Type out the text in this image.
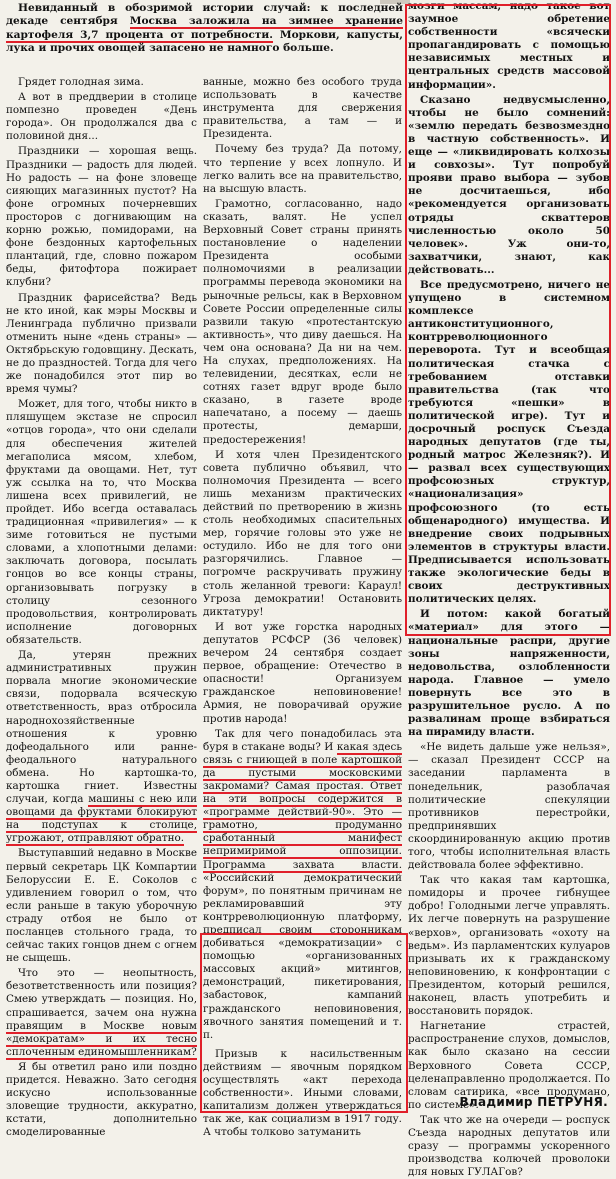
Невиданный в обозримой истории случай: к последней декаде сентября Москва заложила на зимнее хранение картофеля 3,7 процента от потребности. Моркови, капусты, лука и прочих овощей запасено не намного больше.

Грядет голодная зима.

А вот в преддверии в столице помпезно проведен «День города». Он продолжался два с половиной дня...

Праздники — хорошая вещь. Праздники — радость для людей. Но радость — на фоне зловеще сияющих магазинных пустот? На фоне огромных почерневших просторов с догнивающим на корню рожью, помидорами, на фоне бездонных картофельных плантаций, где, словно пожаром беды, фитофтора пожирает клубни?

Праздник фарисейства? Ведь не кто иной, как мэры Москвы и Ленинграда публично призвали отменить ныне «день страны» — Октябрьскую годовщину. Дескать, не до праздностей. Тогда для чего же понадобился этот пир во время чумы?

Может, для того, чтобы никто в пляшущем экстазе не спросил «отцов города», что они сделали для обеспечения жителей мегаполиса мясом, хлебом, фруктами да овощами. Нет, тут уж ссылка на то, что Москва лишена всех привилегий, не пройдет. Ибо всегда оставалась традиционная «привилегия» — к зиме готовиться не пустыми словами, а хлопотными делами: заключать договора, посылать гонцов во все концы страны, организовывать погрузку в столицу сезонного продовольствия, контролировать исполнение договорных обязательств.

Да, утерян прежних административных пружин порвала многие экономические связи, подорвала всяческую ответственность, враз отбросила народнохозяйственные отношения к уровню дофеодального или ранне-феодального натурального обмена. Но картошка-то, картошка гниет. Известны случаи, когда машины с нею или овощами да фруктами блокируют на подступах к столице, угрожают, отправляют обратно.

Выступавший недавно в Москве первый секретарь ЦК Компартии Белоруссии Е. Е. Соколов с удивлением говорил о том, что если раньше в такую уборочную страду отбоя не было от посланцев стольного града, то сейчас таких гонцов днем с огнем не сыщешь.

Что это — неопытность, безответственность или позиция? Смею утверждать — позиция. Но, спрашивается, зачем она нужна правящим в Москве новым «демократам» и их тесно сплоченным единомышленникам?

Я бы ответил рано или поздно придется. Неважно. Зато сегодня искусно использованные зловещие трудности, аккуратно, кстати, дополнительно смоделированные

ванные, можно без особого труда использовать в качестве инструмента для свержения правительства, а там — и Президента.

Почему без труда? Да потому, что терпение у всех лопнуло. И легко валить все на правительство, на высшую власть.

Грамотно, согласованно, надо сказать, валят. Не успел Верховный Совет страны принять постановление о наделении Президента особыми полномочиями в реализации программы перевода экономики на рыночные рельсы, как в Верховном Совете России определенные силы развили такую «протестантскую активность», что диву даешься. На чем она основана? Да ни на чем. На слухах, предположениях. На телевидении, десятках, если не сотнях газет вдруг вроде было сказано, в газете вроде напечатано, а посему — даешь протесты, демарши, предостережения!

И хотя член Президентского совета публично объявил, что полномочия Президента — всего лишь механизм практических действий по претворению в жизнь столь необходимых спасительных мер, горячие головы это уже не остудило. Ибо не для того они разгорячились. Главное — погромче раскручивать пружину столь желанной тревоги: Караул! Угроза демократии! Остановить диктатуру!

И вот уже горстка народных депутатов РСФСР (36 человек) вечером 24 сентября создает первое, обращение: Отечество в опасности! Организуем гражданское неповиновение! Армия, не поворачивай оружие против народа!

Так для чего понадобилась эта буря в стакане воды? И какая здесь связь с гниющей в поле картошкой да пустыми московскими закромами? Самая простая. Ответ на эти вопросы содержится в «программе действий-90». Это — грамотно, продуманно сработанный манифест непримиримой оппозиции. Программа захвата власти. «Российский демократический форум», по понятным причинам не рекламировавший эту контрреволюционную платформу, предписал своим сторонникам добиваться «демократизации» с помощью «организованных массовых акций» митингов, демонстраций, пикетирования, забастовок, кампаний гражданского неповиновения, явочного занятия помещений и т. п.

Призыв к насильственным действиям — явочным порядком осуществлять «акт перехода собственности». Иными словами, капитализм должен утверждаться так же, как социализм в 1917 году. А чтобы толково затуманить

мозги массам, надо такое вот заумное обретение собственности «всячески пропагандировать с помощью независимых местных и центральных средств массовой информации».

Сказано недвусмысленно, чтобы не было сомнений: «землю передать безвозмездно в частную собственность». И еще — «ликвидировать колхозы и совхозы». Тут попробуй прояви право выбора — зубов не досчитаешься, ибо «рекомендуется организовать отряды скваттеров численностью около 50 человек». Уж они-то, захватчики, знают, как действовать...

Все предусмотрено, ничего не упущено в системном комплексе антиконституционного, контрреволюционного переворота. Тут и всеобщая политическая стачка с требованием отставки правительства (так что требуются «пешки» в политической игре). Тут и досрочный роспуск Съезда народных депутатов (где ты, родный матрос Железняк?). И — развал всех существующих профсоюзных структур, «национализация» профсоюзного (то есть общенародного) имущества. И внедрение своих подрывных элементов в структуры власти. Предписывается использовать также экологические беды в своих деструктивных политических целях.

И потом: какой богатый «материал» для этого — национальные распри, другие зоны напряженности, недовольства, озлобленности народа. Главное — умело повернуть все это в разрушительное русло. А по развалинам проще взбираться на пирамиду власти.

«Не видеть дальше уже нельзя», — сказал Президент СССР на заседании парламента в понедельник, разоблачая политические спекуляции противников перестройки, предпринявших скоординированную акцию против того, чтобы исполнительная власть действовала более эффективно.

Так что какая там картошка, помидоры и прочее гибнущее добро! Голодными легче управлять. Их легче повернуть на разрушение «верхов», организовать «охоту на ведьм». Из парламентских кулуаров призывать их к гражданскому неповиновению, к конфронтации с Президентом, который решился, наконец, власть употребить и восстановить порядок.

Нагнетание страстей, распространение слухов, домыслов, как было сказано на сессии Верховного Совета СССР, целенаправленно продолжается. По словам сатирика, «все продумано, по системе».

Так что же на очереди — роспуск Съезда народных депутатов или сразу — программы ускоренного производства колючей проволоки для новых ГУЛАГов?

Владимир ПЕТРУНЯ.
